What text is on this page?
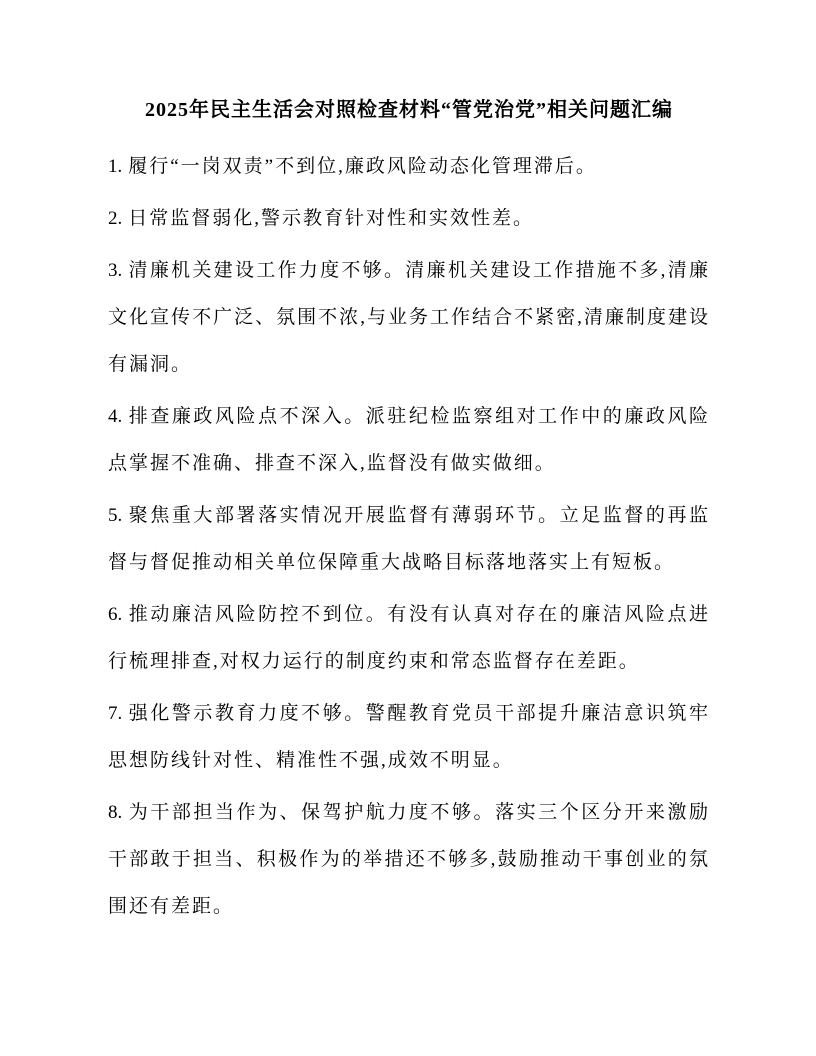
2025年民主生活会对照检查材料“管党治党”相关问题汇编

1. 履行“一岗双责”不到位,廉政风险动态化管理滞后。

2. 日常监督弱化,警示教育针对性和实效性差。

3. 清廉机关建设工作力度不够。清廉机关建设工作措施不多,清廉文化宣传不广泛、氛围不浓,与业务工作结合不紧密,清廉制度建设有漏洞。

4. 排查廉政风险点不深入。派驻纪检监察组对工作中的廉政风险点掌握不准确、排查不深入,监督没有做实做细。

5. 聚焦重大部署落实情况开展监督有薄弱环节。立足监督的再监督与督促推动相关单位保障重大战略目标落地落实上有短板。

6. 推动廉洁风险防控不到位。有没有认真对存在的廉洁风险点进行梳理排查,对权力运行的制度约束和常态监督存在差距。

7. 强化警示教育力度不够。警醒教育党员干部提升廉洁意识筑牢思想防线针对性、精准性不强,成效不明显。

8. 为干部担当作为、保驾护航力度不够。落实三个区分开来激励干部敢于担当、积极作为的举措还不够多,鼓励推动干事创业的氛围还有差距。
